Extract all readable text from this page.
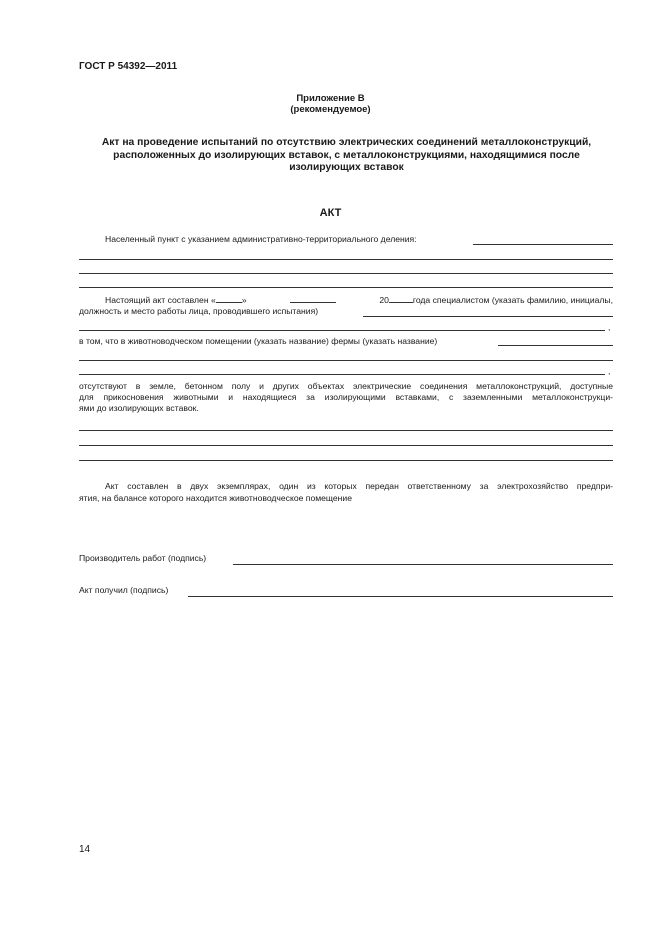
ГОСТ Р 54392—2011
Приложение В
(рекомендуемое)
Акт на проведение испытаний по отсутствию электрических соединений металлоконструкций, расположенных до изолирующих вставок, с металлоконструкциями, находящимися после изолирующих вставок
АКТ
Населенный пункт с указанием административно-территориального деления:
Настоящий акт составлен «	»	20	года специалистом (указать фамилию, инициалы,
должность и место работы лица, проводившего испытания)
,
в том, что в животноводческом помещении (указать название) фермы (указать название)
,
отсутствуют в земле, бетонном полу и других объектах электрические соединения металлоконструкций, доступные
для прикосновения животными и находящиеся за изолирующими вставками, с заземленными металлоконструкци-
ями до изолирующих вставок.
Акт составлен в двух экземплярах, один из которых передан ответственному за электрохозяйство предпри-
ятия, на балансе которого находится животноводческое помещение
Производитель работ (подпись)
Акт получил (подпись)
14
